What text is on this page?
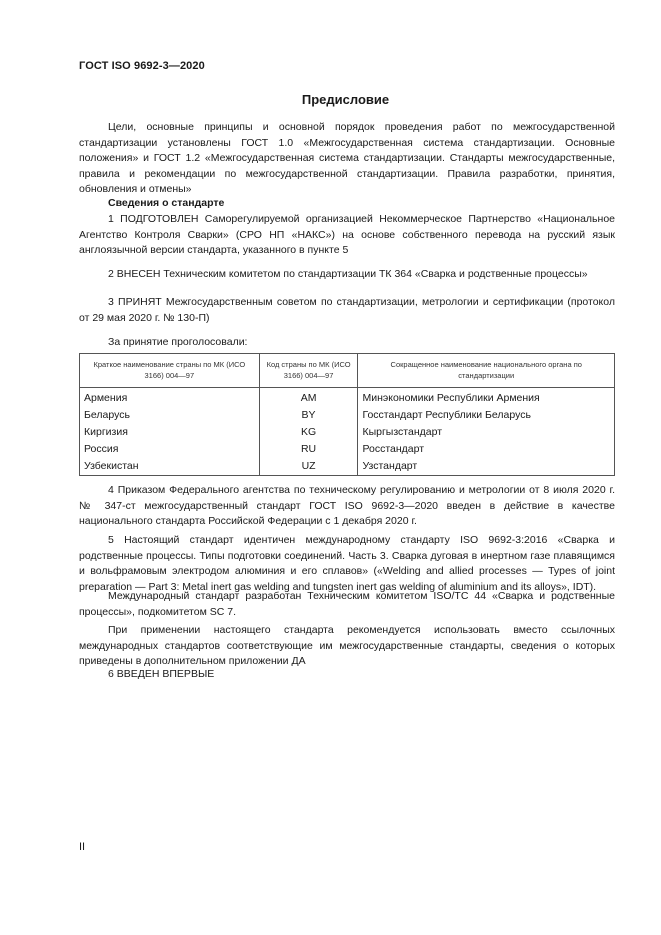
ГОСТ ISO 9692-3—2020
Предисловие
Цели, основные принципы и основной порядок проведения работ по межгосударственной стандартизации установлены ГОСТ 1.0 «Межгосударственная система стандартизации. Основные положения» и ГОСТ 1.2 «Межгосударственная система стандартизации. Стандарты межгосударственные, правила и рекомендации по межгосударственной стандартизации. Правила разработки, принятия, обновления и отмены»
Сведения о стандарте
1 ПОДГОТОВЛЕН Саморегулируемой организацией Некоммерческое Партнерство «Национальное Агентство Контроля Сварки» (СРО НП «НАКС») на основе собственного перевода на русский язык англоязычной версии стандарта, указанного в пункте 5
2 ВНЕСЕН Техническим комитетом по стандартизации ТК 364 «Сварка и родственные процессы»
3 ПРИНЯТ Межгосударственным советом по стандартизации, метрологии и сертификации (протокол от 29 мая 2020 г. № 130-П)
За принятие проголосовали:
Краткое наименование страны по МК (ИСО 3166) 004—97	Код страны по МК (ИСО 3166) 004—97	Сокращенное наименование национального органа по стандартизации
Армения	AM	Минэкономики Республики Армения
Беларусь	BY	Госстандарт Республики Беларусь
Киргизия	KG	Кыргызстандарт
Россия	RU	Росстандарт
Узбекистан	UZ	Узстандарт
4 Приказом Федерального агентства по техническому регулированию и метрологии от 8 июля 2020 г. № 347-ст межгосударственный стандарт ГОСТ ISO 9692-3—2020 введен в действие в качестве национального стандарта Российской Федерации с 1 декабря 2020 г.
5 Настоящий стандарт идентичен международному стандарту ISO 9692-3:2016 «Сварка и родственные процессы. Типы подготовки соединений. Часть 3. Сварка дуговая в инертном газе плавящимся и вольфрамовым электродом алюминия и его сплавов» («Welding and allied processes — Types of joint preparation — Part 3: Metal inert gas welding and tungsten inert gas welding of aluminium and its alloys», IDT).
Международный стандарт разработан Техническим комитетом ISO/TC 44 «Сварка и родственные процессы», подкомитетом SC 7.
При применении настоящего стандарта рекомендуется использовать вместо ссылочных международных стандартов соответствующие им межгосударственные стандарты, сведения о которых приведены в дополнительном приложении ДА
6 ВВЕДЕН ВПЕРВЫЕ
II
